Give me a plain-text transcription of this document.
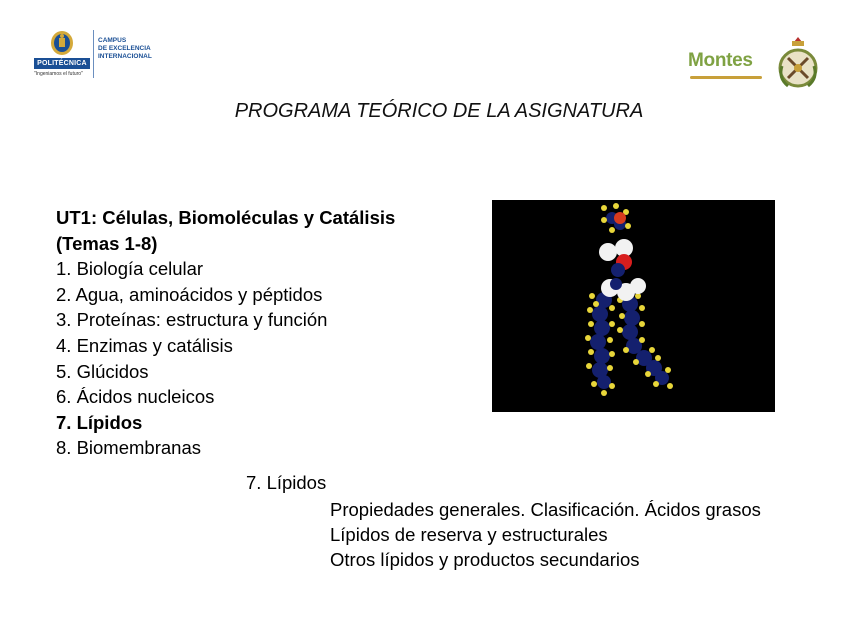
POLITÉCNICA
"Ingeniamos el futuro"
CAMPUS
DE EXCELENCIA
INTERNACIONAL	Montes
PROGRAMA TEÓRICO DE LA ASIGNATURA
UT1: Células, Biomoléculas y Catálisis
(Temas 1-8)
1. Biología celular
2. Agua, aminoácidos y péptidos
3. Proteínas: estructura y función
4. Enzimas y catálisis
5. Glúcidos
6. Ácidos nucleicos
7. Lípidos
8. Biomembranas
7. Lípidos
Propiedades generales. Clasificación. Ácidos grasos
Lípidos de reserva y estructurales
Otros lípidos y productos secundarios
